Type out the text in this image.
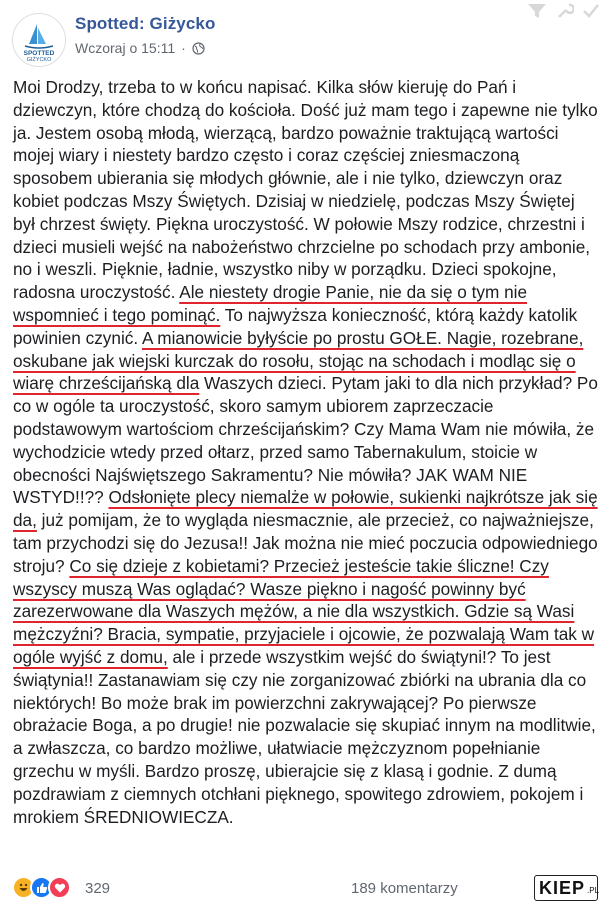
SPOTTED
GIŻYCKO
Spotted: Giżycko
Wczoraj o 15:11 ·

Moi Drodzy, trzeba to w końcu napisać. Kilka słów kieruję do Pań i dziewczyn, które chodzą do kościoła. Dość już mam tego i zapewne nie tylko ja. Jestem osobą młodą, wierzącą, bardzo poważnie traktującą wartości mojej wiary i niestety bardzo często i coraz częściej zniesmaczoną sposobem ubierania się młodych głównie, ale i nie tylko, dziewczyn oraz kobiet podczas Mszy Świętych. Dzisiaj w niedzielę, podczas Mszy Świętej był chrzest święty. Piękna uroczystość. W połowie Mszy rodzice, chrzestni i dzieci musieli wejść na nabożeństwo chrzcielne po schodach przy ambonie, no i weszli. Pięknie, ładnie, wszystko niby w porządku. Dzieci spokojne, radosna uroczystość. Ale niestety drogie Panie, nie da się o tym nie wspomnieć i tego pominąć. To najwyższa konieczność, którą każdy katolik powinien czynić. A mianowicie byłyście po prostu GOŁE. Nagie, rozebrane, oskubane jak wiejski kurczak do rosołu, stojąc na schodach i modląc się o wiarę chrześcijańską dla Waszych dzieci. Pytam jaki to dla nich przykład? Po co w ogóle ta uroczystość, skoro samym ubiorem zaprzeczacie podstawowym wartościom chrześcijańskim? Czy Mama Wam nie mówiła, że wychodzicie wtedy przed ołtarz, przed samo Tabernakulum, stoicie w obecności Najświętszego Sakramentu? Nie mówiła? JAK WAM NIE WSTYD!!?? Odsłonięte plecy niemalże w połowie, sukienki najkrótsze jak się da, już pomijam, że to wygląda niesmacznie, ale przecież, co najważniejsze, tam przychodzi się do Jezusa!! Jak można nie mieć poczucia odpowiedniego stroju? Co się dzieje z kobietami? Przecież jesteście takie śliczne! Czy wszyscy muszą Was oglądać? Wasze piękno i nagość powinny być zarezerwowane dla Waszych mężów, a nie dla wszystkich. Gdzie są Wasi mężczyźni? Bracia, sympatie, przyjaciele i ojcowie, że pozwalają Wam tak w ogóle wyjść z domu, ale i przede wszystkim wejść do świątyni!? To jest świątynia!! Zastanawiam się czy nie zorganizować zbiórki na ubrania dla co niektórych! Bo może brak im powierzchni zakrywającej? Po pierwsze obrażacie Boga, a po drugie! nie pozwalacie się skupiać innym na modlitwie, a zwłaszcza, co bardzo możliwe, ułatwiacie mężczyznom popełnianie grzechu w myśli. Bardzo proszę, ubierajcie się z klasą i godnie. Z dumą pozdrawiam z ciemnych otchłani pięknego, spowitego zdrowiem, pokojem i mrokiem ŚREDNIOWIECZA.

329	189 komentarzy	KIEP .PL
